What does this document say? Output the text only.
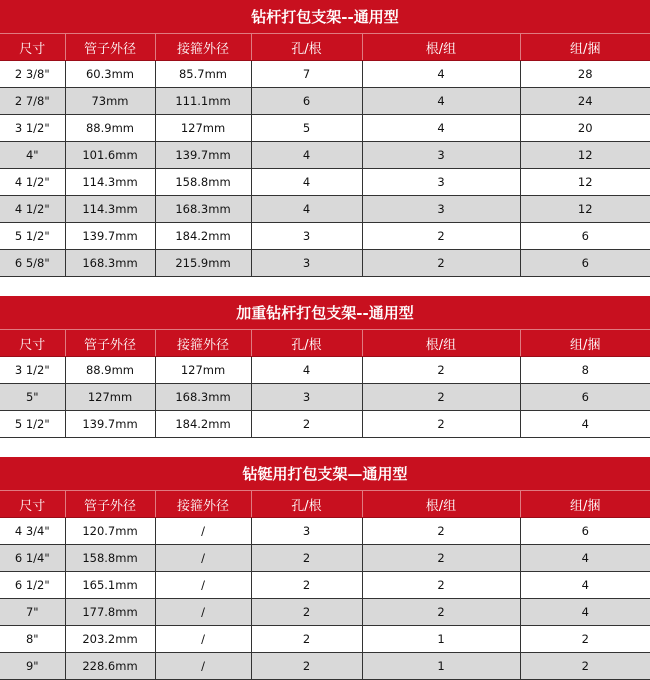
钻杆打包支架--通用型
尺寸	管子外径	接箍外径	孔/根	根/组	组/捆
2 3/8"	60.3mm	85.7mm	7	4	28
2 7/8"	73mm	111.1mm	6	4	24
3 1/2"	88.9mm	127mm	5	4	20
4"	101.6mm	139.7mm	4	3	12
4 1/2"	114.3mm	158.8mm	4	3	12
4 1/2"	114.3mm	168.3mm	4	3	12
5 1/2"	139.7mm	184.2mm	3	2	6
6 5/8"	168.3mm	215.9mm	3	2	6
加重钻杆打包支架--通用型
尺寸	管子外径	接箍外径	孔/根	根/组	组/捆
3 1/2"	88.9mm	127mm	4	2	8
5"	127mm	168.3mm	3	2	6
5 1/2"	139.7mm	184.2mm	2	2	4
钻铤用打包支架—通用型
尺寸	管子外径	接箍外径	孔/根	根/组	组/捆
4 3/4"	120.7mm	/	3	2	6
6 1/4"	158.8mm	/	2	2	4
6 1/2"	165.1mm	/	2	2	4
7"	177.8mm	/	2	2	4
8"	203.2mm	/	2	1	2
9"	228.6mm	/	2	1	2
